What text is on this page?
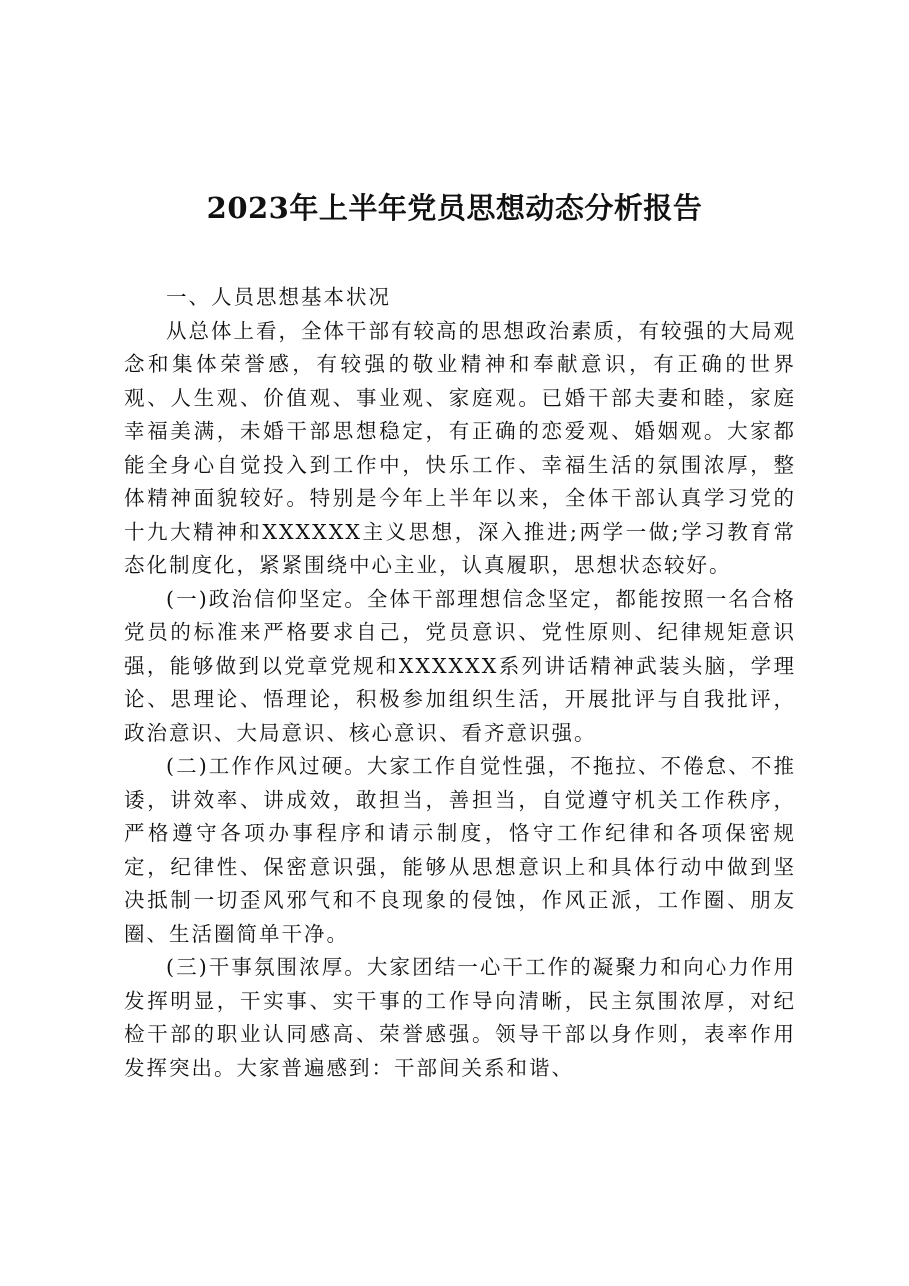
2023年上半年党员思想动态分析报告

一、人员思想基本状况

从总体上看，全体干部有较高的思想政治素质，有较强的大局观念和集体荣誉感，有较强的敬业精神和奉献意识，有正确的世界观、人生观、价值观、事业观、家庭观。已婚干部夫妻和睦，家庭幸福美满，未婚干部思想稳定，有正确的恋爱观、婚姻观。大家都能全身心自觉投入到工作中，快乐工作、幸福生活的氛围浓厚，整体精神面貌较好。特别是今年上半年以来，全体干部认真学习党的十九大精神和XXXXXX主义思想，深入推进;两学一做;学习教育常态化制度化，紧紧围绕中心主业，认真履职，思想状态较好。

(一)政治信仰坚定。全体干部理想信念坚定，都能按照一名合格党员的标准来严格要求自己，党员意识、党性原则、纪律规矩意识强，能够做到以党章党规和XXXXXX系列讲话精神武装头脑，学理论、思理论、悟理论，积极参加组织生活，开展批评与自我批评，政治意识、大局意识、核心意识、看齐意识强。

(二)工作作风过硬。大家工作自觉性强，不拖拉、不倦怠、不推诿，讲效率、讲成效，敢担当，善担当，自觉遵守机关工作秩序，严格遵守各项办事程序和请示制度，恪守工作纪律和各项保密规定，纪律性、保密意识强，能够从思想意识上和具体行动中做到坚决抵制一切歪风邪气和不良现象的侵蚀，作风正派，工作圈、朋友圈、生活圈简单干净。

(三)干事氛围浓厚。大家团结一心干工作的凝聚力和向心力作用发挥明显，干实事、实干事的工作导向清晰，民主氛围浓厚，对纪检干部的职业认同感高、荣誉感强。领导干部以身作则，表率作用发挥突出。大家普遍感到：干部间关系和谐、
